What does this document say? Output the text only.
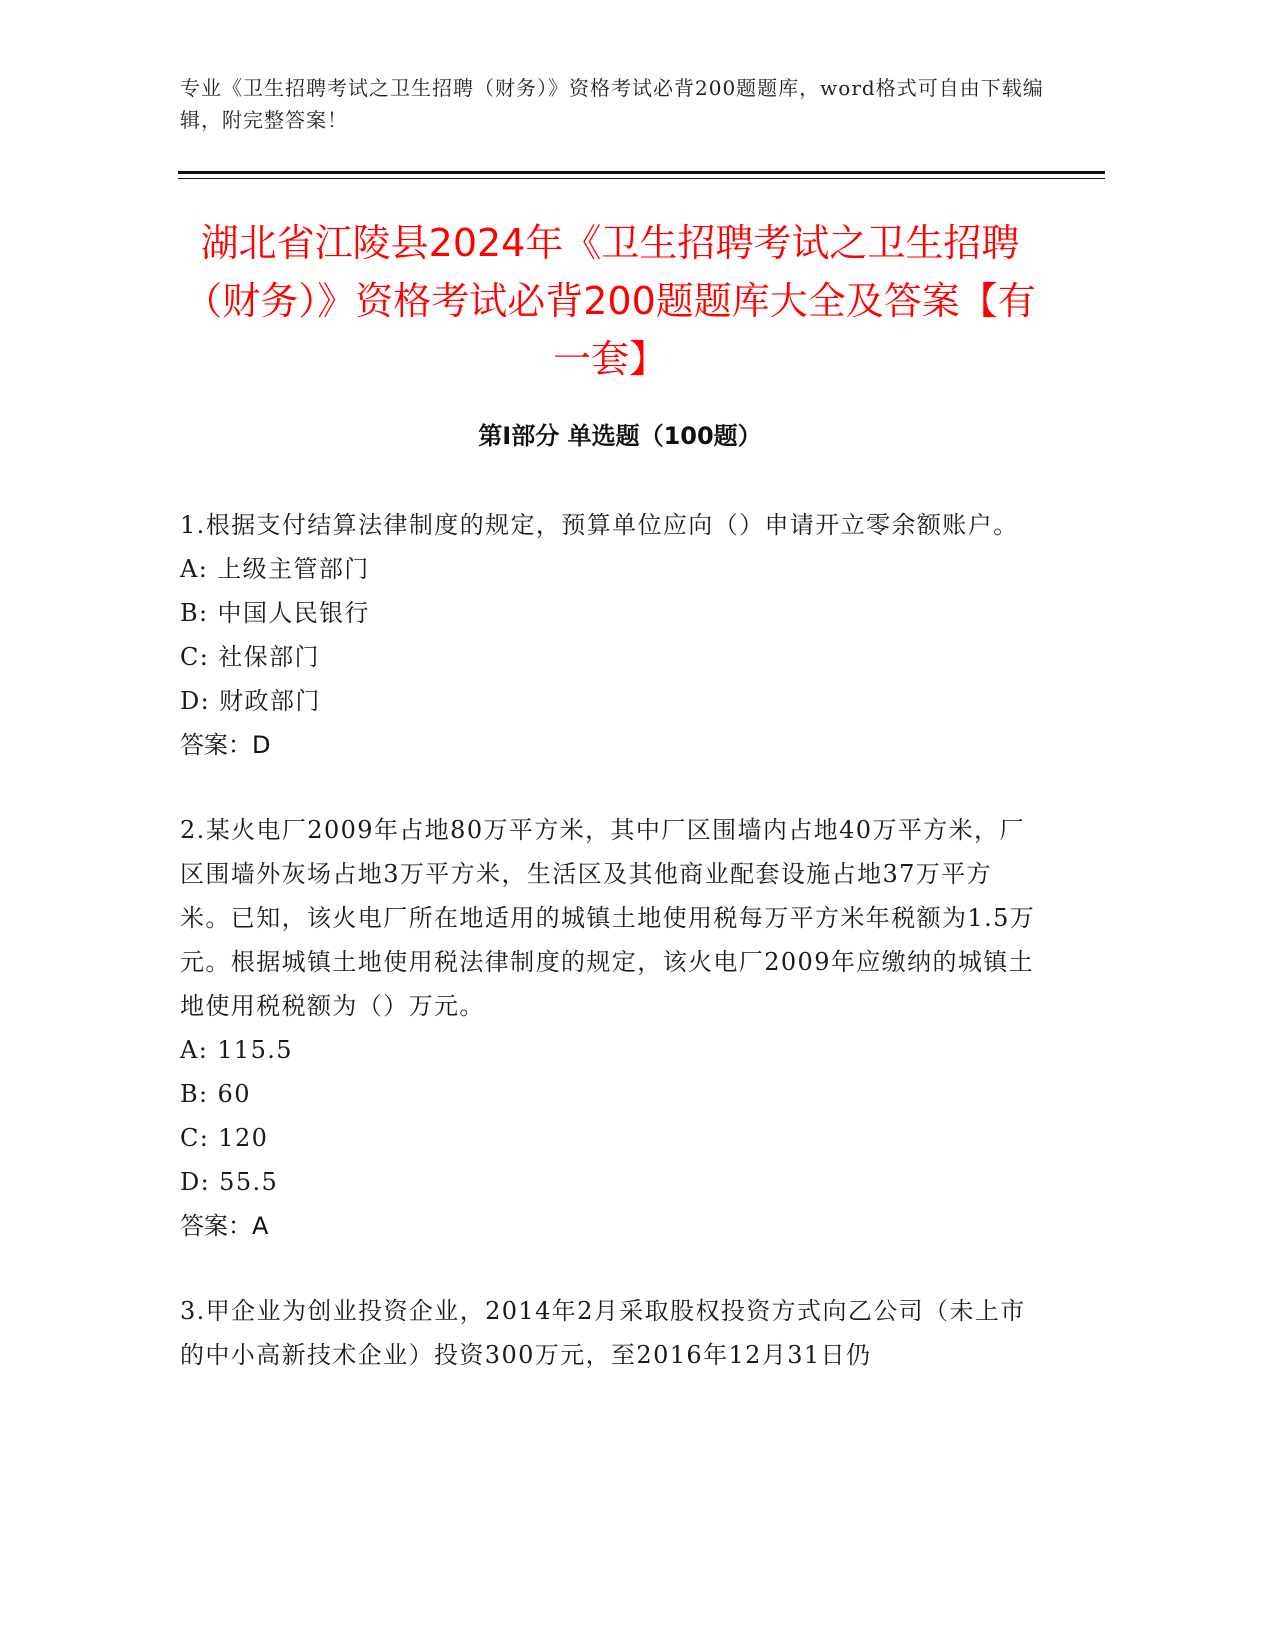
专业《卫生招聘考试之卫生招聘（财务）》资格考试必背200题题库，word格式可自由下载编辑，附完整答案！
湖北省江陵县2024年《卫生招聘考试之卫生招聘（财务）》资格考试必背200题题库大全及答案【有一套】
第I部分 单选题（100题）

1.根据支付结算法律制度的规定，预算单位应向（）申请开立零余额账户。

A: 上级主管部门

B: 中国人民银行

C: 社保部门

D: 财政部门

答案：D

2.某火电厂2009年占地80万平方米，其中厂区围墙内占地40万平方米，厂区围墙外灰场占地3万平方米，生活区及其他商业配套设施占地37万平方米。已知，该火电厂所在地适用的城镇土地使用税每万平方米年税额为1.5万元。根据城镇土地使用税法律制度的规定，该火电厂2009年应缴纳的城镇土地使用税税额为（）万元。

A: 115.5

B: 60

C: 120

D: 55.5

答案：A

3.甲企业为创业投资企业，2014年2月采取股权投资方式向乙公司（未上市的中小高新技术企业）投资300万元，至2016年12月31日仍
